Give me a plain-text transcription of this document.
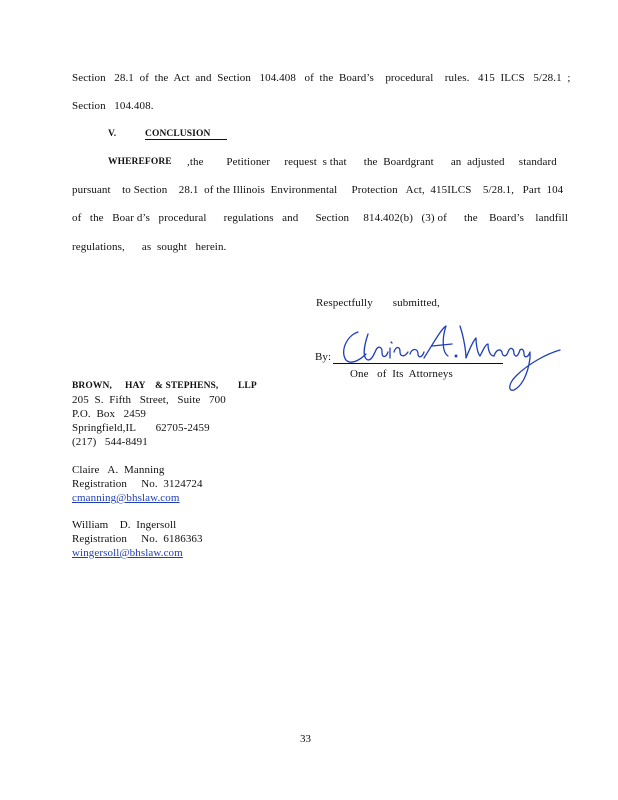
Section   28.1  of  the  Act  and  Section   104.408   of  the  Board’s    procedural    rules.   415  ILCS   5/28.1  ;
Section   104.408.
V.	CONCLUSION
WHEREFORE ,the        Petitioner     request  s that      the  Boardgrant      an  adjusted     standard
pursuant    to Section    28.1  of the Illinois  Environmental     Protection   Act,  415ILCS    5/28.1,   Part  104
of   the   Boar d’s   procedural      regulations   and      Section     814.402(b)   (3) of      the    Board’s    landfill
regulations,      as  sought   herein.
Respectfully       submitted,
By:
One   of  Its  Attorneys
BROWN, HAY & STEPHENS, LLP
205  S.  Fifth   Street,   Suite   700
P.O.  Box   2459
Springfield,IL       62705-2459
(217)   544-8491
Claire   A.  Manning
Registration     No.  3124724
cmanning@bhslaw.com
William    D.  Ingersoll
Registration     No.  6186363
wingersoll@bhslaw.com
33
